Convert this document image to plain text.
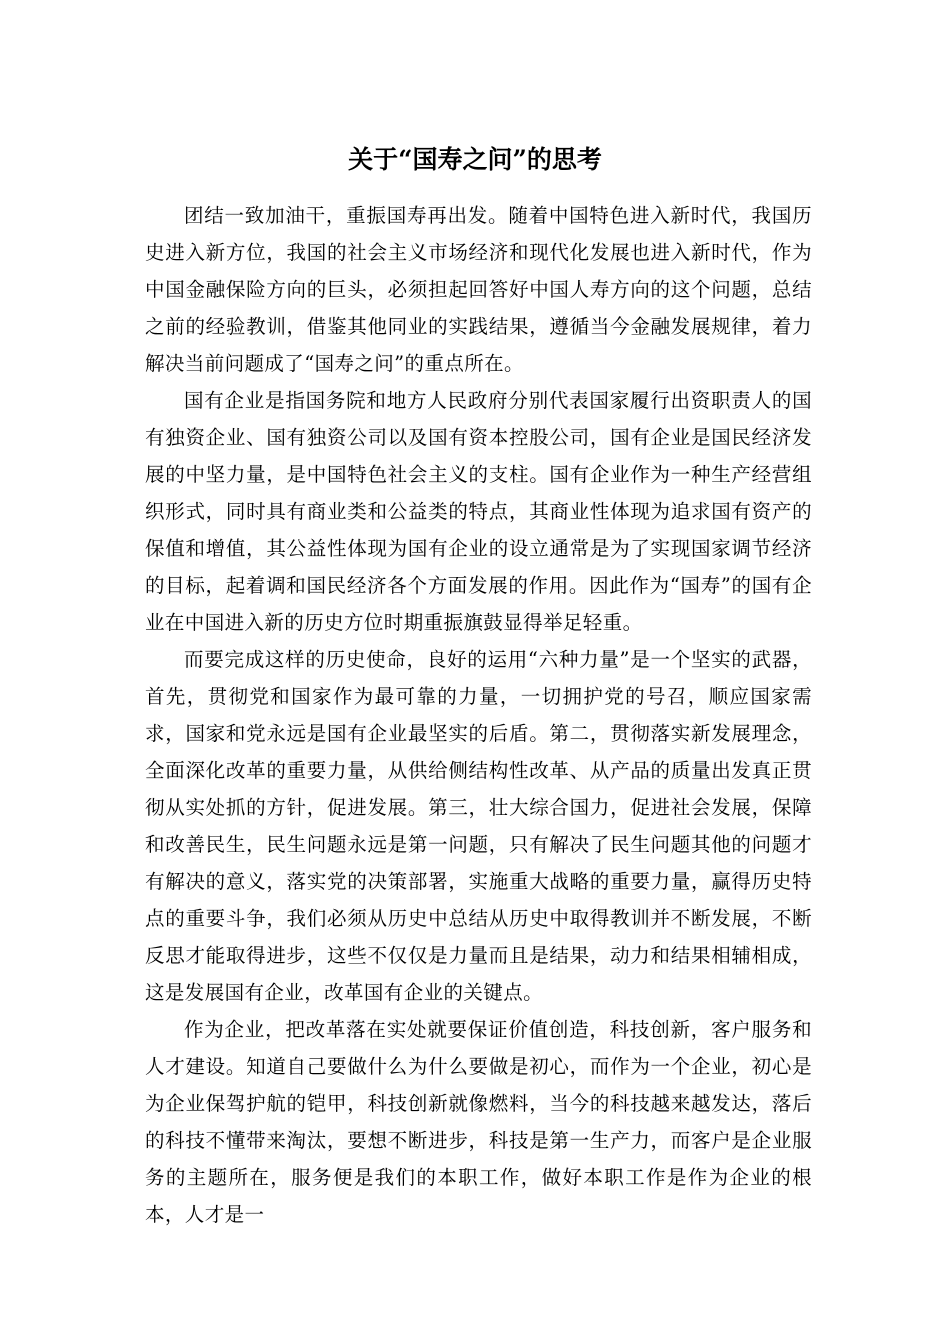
关于“国寿之问”的思考

团结一致加油干，重振国寿再出发。随着中国特色进入新时代，我国历史进入新方位，我国的社会主义市场经济和现代化发展也进入新时代，作为中国金融保险方向的巨头，必须担起回答好中国人寿方向的这个问题，总结之前的经验教训，借鉴其他同业的实践结果，遵循当今金融发展规律，着力解决当前问题成了“国寿之问”的重点所在。

国有企业是指国务院和地方人民政府分别代表国家履行出资职责人的国有独资企业、国有独资公司以及国有资本控股公司，国有企业是国民经济发展的中坚力量，是中国特色社会主义的支柱。国有企业作为一种生产经营组织形式，同时具有商业类和公益类的特点，其商业性体现为追求国有资产的保值和增值，其公益性体现为国有企业的设立通常是为了实现国家调节经济的目标，起着调和国民经济各个方面发展的作用。因此作为“国寿”的国有企业在中国进入新的历史方位时期重振旗鼓显得举足轻重。

而要完成这样的历史使命，良好的运用“六种力量”是一个坚实的武器，首先，贯彻党和国家作为最可靠的力量，一切拥护党的号召，顺应国家需求，国家和党永远是国有企业最坚实的后盾。第二，贯彻落实新发展理念，全面深化改革的重要力量，从供给侧结构性改革、从产品的质量出发真正贯彻从实处抓的方针，促进发展。第三，壮大综合国力，促进社会发展，保障和改善民生，民生问题永远是第一问题，只有解决了民生问题其他的问题才有解决的意义，落实党的决策部署，实施重大战略的重要力量，赢得历史特点的重要斗争，我们必须从历史中总结从历史中取得教训并不断发展，不断反思才能取得进步，这些不仅仅是力量而且是结果，动力和结果相辅相成，这是发展国有企业，改革国有企业的关键点。

作为企业，把改革落在实处就要保证价值创造，科技创新，客户服务和人才建设。知道自己要做什么为什么要做是初心，而作为一个企业，初心是为企业保驾护航的铠甲，科技创新就像燃料，当今的科技越来越发达，落后的科技不懂带来淘汰，要想不断进步，科技是第一生产力，而客户是企业服务的主题所在，服务便是我们的本职工作，做好本职工作是作为企业的根本，人才是一
